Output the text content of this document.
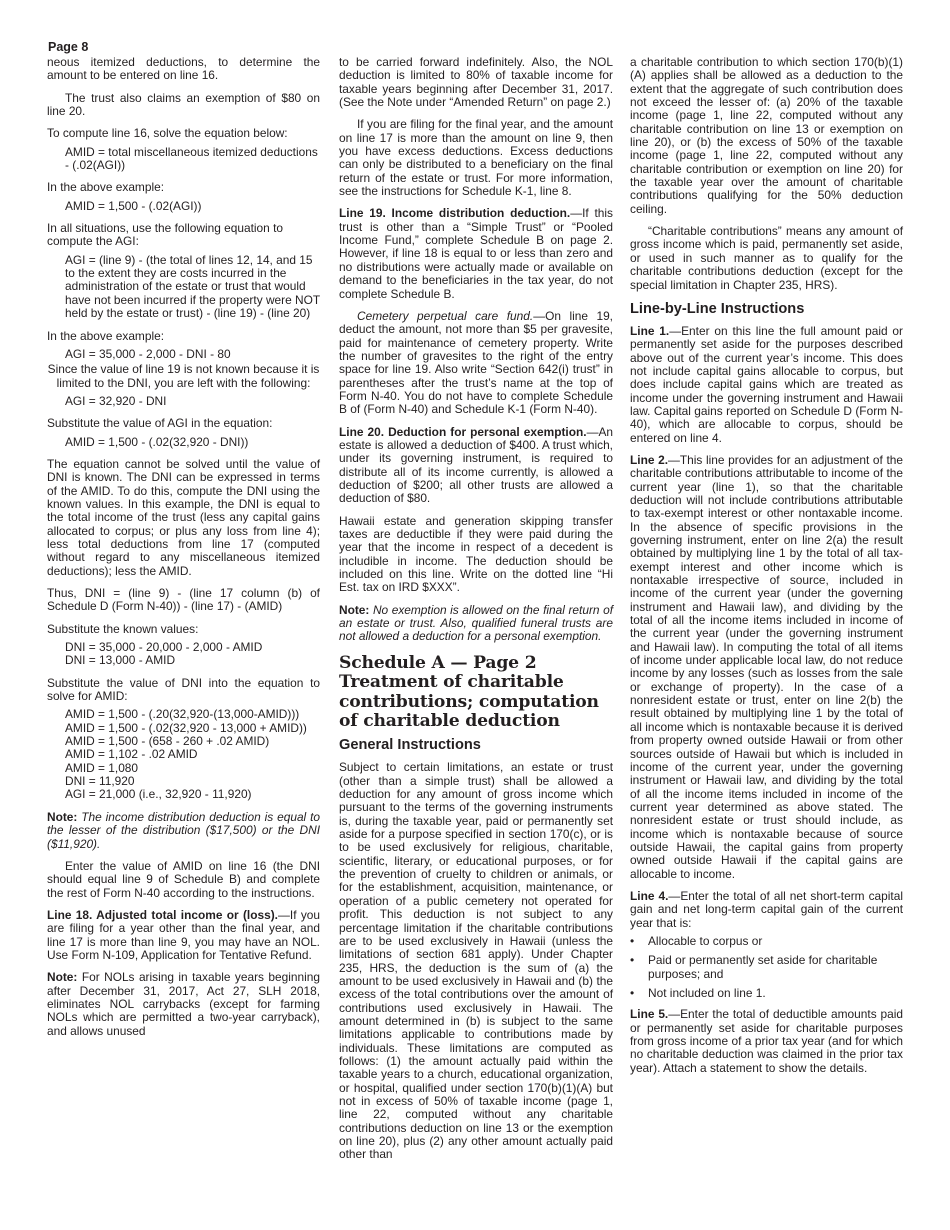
Page 8

neous itemized deductions, to determine the amount to be entered on line 16.

The trust also claims an exemption of $80 on line 20.

To compute line 16, solve the equation below:

AMID = total miscellaneous itemized deductions - (.02(AGI))

In the above example:

AMID = 1,500 - (.02(AGI))

In all situations, use the following equation to compute the AGI:

AGI = (line 9) - (the total of lines 12, 14, and 15 to the extent they are costs incurred in the administration of the estate or trust that would have not been incurred if the property were NOT held by the estate or trust) - (line 19) - (line 20)

In the above example:

AGI = 35,000 - 2,000 - DNI - 80

Since the value of line 19 is not known because it is limited to the DNI, you are left with the following:

AGI = 32,920 - DNI

Substitute the value of AGI in the equation:

AMID = 1,500 - (.02(32,920 - DNI))

The equation cannot be solved until the value of DNI is known. The DNI can be expressed in terms of the AMID. To do this, compute the DNI using the known values. In this example, the DNI is equal to the total income of the trust (less any capital gains allocated to corpus; or plus any loss from line 4); less total deductions from line 17 (computed without regard to any miscellaneous itemized deductions); less the AMID.

Thus, DNI = (line 9) - (line 17 column (b) of Schedule D (Form N-40)) - (line 17) - (AMID)

Substitute the known values:

DNI = 35,000 - 20,000 - 2,000 - AMID
DNI = 13,000 - AMID

Substitute the value of DNI into the equation to solve for AMID:

AMID = 1,500 - (.20(32,920-(13,000-AMID)))
AMID = 1,500 - (.02(32,920 - 13,000 + AMID))
AMID = 1,500 - (658 - 260 + .02 AMID)
AMID = 1,102 - .02 AMID
AMID = 1,080
DNI = 11,920
AGI = 21,000 (i.e., 32,920 - 11,920)

Note: The income distribution deduction is equal to the lesser of the distribution ($17,500) or the DNI ($11,920).

Enter the value of AMID on line 16 (the DNI should equal line 9 of Schedule B) and complete the rest of Form N-40 according to the instructions.

Line 18. Adjusted total income or (loss).—If you are filing for a year other than the final year, and line 17 is more than line 9, you may have an NOL. Use Form N-109, Application for Tentative Refund.

Note: For NOLs arising in taxable years beginning after December 31, 2017, Act 27, SLH 2018, eliminates NOL carrybacks (except for farming NOLs which are permitted a two-year carryback), and allows unused

to be carried forward indefinitely. Also, the NOL deduction is limited to 80% of taxable income for taxable years beginning after December 31, 2017. (See the Note under “Amended Return” on page 2.)

If you are filing for the final year, and the amount on line 17 is more than the amount on line 9, then you have excess deductions. Excess deductions can only be distributed to a beneficiary on the final return of the estate or trust. For more information, see the instructions for Schedule K-1, line 8.

Line 19. Income distribution deduction.—If this trust is other than a “Simple Trust” or “Pooled Income Fund,” complete Schedule B on page 2. However, if line 18 is equal to or less than zero and no distributions were actually made or available on demand to the beneficiaries in the tax year, do not complete Schedule B.

Cemetery perpetual care fund.—On line 19, deduct the amount, not more than $5 per gravesite, paid for maintenance of cemetery property. Write the number of gravesites to the right of the entry space for line 19. Also write “Section 642(i) trust” in parentheses after the trust’s name at the top of Form N-40. You do not have to complete Schedule B of (Form N-40) and Schedule K-1 (Form N-40).

Line 20. Deduction for personal exemption.—An estate is allowed a deduction of $400. A trust which, under its governing instrument, is required to distribute all of its income currently, is allowed a deduction of $200; all other trusts are allowed a deduction of $80.

Hawaii estate and generation skipping transfer taxes are deductible if they were paid during the year that the income in respect of a decedent is includible in income. The deduction should be included on this line. Write on the dotted line “Hi Est. tax on IRD $XXX”.

Note: No exemption is allowed on the final return of an estate or trust. Also, qualified funeral trusts are not allowed a deduction for a personal exemption.

Schedule A — Page 2 Treatment of charitable contributions; computation of charitable deduction
General Instructions

Subject to certain limitations, an estate or trust (other than a simple trust) shall be allowed a deduction for any amount of gross income which pursuant to the terms of the governing instruments is, during the taxable year, paid or permanently set aside for a purpose specified in section 170(c), or is to be used exclusively for religious, charitable, scientific, literary, or educational purposes, or for the prevention of cruelty to children or animals, or for the establishment, acquisition, maintenance, or operation of a public cemetery not operated for profit. This deduction is not subject to any percentage limitation if the charitable contributions are to be used exclusively in Hawaii (unless the limitations of section 681 apply). Under Chapter 235, HRS, the deduction is the sum of (a) the amount to be used exclusively in Hawaii and (b) the excess of the total contributions over the amount of contributions used exclusively in Hawaii. The amount determined in (b) is subject to the same limitations applicable to contributions made by individuals. These limitations are computed as follows: (1) the amount actually paid within the taxable years to a church, educational organization, or hospital, qualified under section 170(b)(1)(A) but not in excess of 50% of taxable income (page 1, line 22, computed without any charitable contributions deduction on line 13 or the exemption on line 20), plus (2) any other amount actually paid other than

a charitable contribution to which section 170(b)(1)(A) applies shall be allowed as a deduction to the extent that the aggregate of such contribution does not exceed the lesser of: (a) 20% of the taxable income (page 1, line 22, computed without any charitable contribution on line 13 or exemption on line 20), or (b) the excess of 50% of the taxable income (page 1, line 22, computed without any charitable contribution or exemption on line 20) for the taxable year over the amount of charitable contributions qualifying for the 50% deduction ceiling.

“Charitable contributions” means any amount of gross income which is paid, permanently set aside, or used in such manner as to qualify for the charitable contributions deduction (except for the special limitation in Chapter 235, HRS).

Line-by-Line Instructions

Line 1.—Enter on this line the full amount paid or permanently set aside for the purposes described above out of the current year’s income. This does not include capital gains allocable to corpus, but does include capital gains which are treated as income under the governing instrument and Hawaii law. Capital gains reported on Schedule D (Form N-40), which are allocable to corpus, should be entered on line 4.

Line 2.—This line provides for an adjustment of the charitable contributions attributable to income of the current year (line 1), so that the charitable deduction will not include contributions attributable to tax-exempt interest or other nontaxable income. In the absence of specific provisions in the governing instrument, enter on line 2(a) the result obtained by multiplying line 1 by the total of all tax-exempt interest and other income which is nontaxable irrespective of source, included in income of the current year (under the governing instrument and Hawaii law), and dividing by the total of all the income items included in income of the current year (under the governing instrument and Hawaii law). In computing the total of all items of income under applicable local law, do not reduce income by any losses (such as losses from the sale or exchange of property). In the case of a nonresident estate or trust, enter on line 2(b) the result obtained by multiplying line 1 by the total of all income which is nontaxable because it is derived from property owned outside Hawaii or from other sources outside of Hawaii but which is included in income of the current year, under the governing instrument or Hawaii law, and dividing by the total of all the income items included in income of the current year determined as above stated. The nonresident estate or trust should include, as income which is nontaxable because of source outside Hawaii, the capital gains from property owned outside Hawaii if the capital gains are allocable to income.

Line 4.—Enter the total of all net short-term capital gain and net long-term capital gain of the current year that is:

• Allocable to corpus or
• Paid or permanently set aside for charitable purposes; and
• Not included on line 1.

Line 5.—Enter the total of deductible amounts paid or permanently set aside for charitable purposes from gross income of a prior tax year (and for which no charitable deduction was claimed in the prior tax year). Attach a statement to show the details.
